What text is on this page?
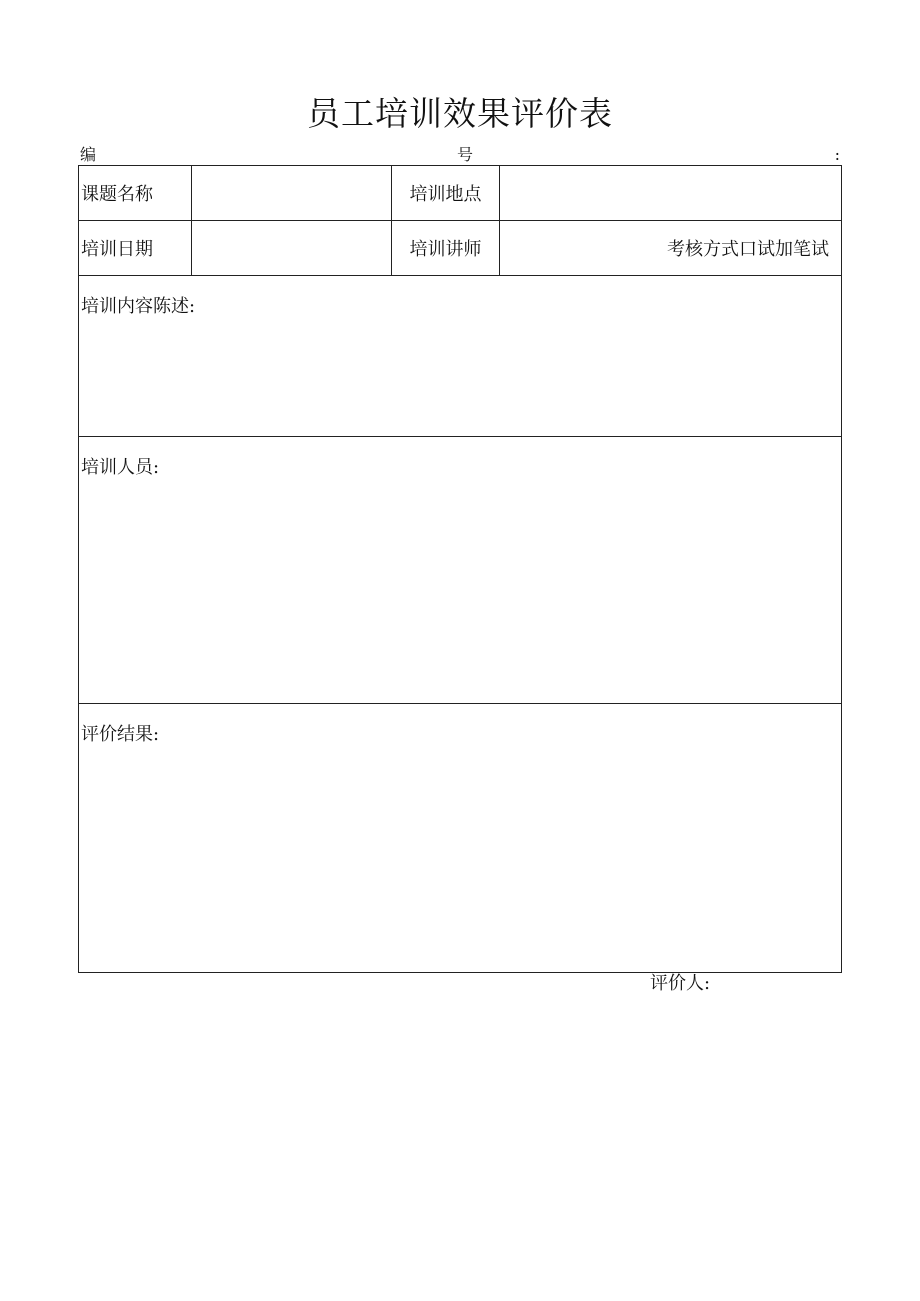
员工培训效果评价表
编	号	:
课题名称		培训地点	
培训日期		培训讲师	考核方式口试加笔试
培训内容陈述:			
培训人员:			
评价结果:			
评价人:
